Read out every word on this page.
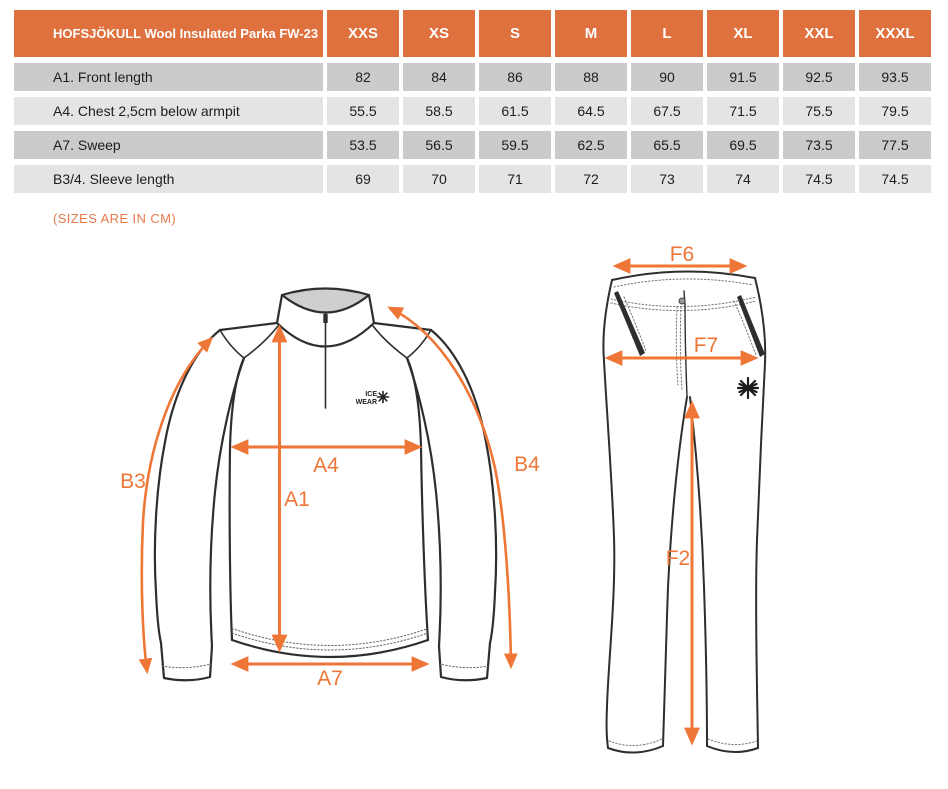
HOFSJÖKULL Wool Insulated Parka FW-23	XXS	XS	S	M	L	XL	XXL	XXXL
A1. Front length	82	84	86	88	90	91.5	92.5	93.5
A4. Chest 2,5cm below armpit	55.5	58.5	61.5	64.5	67.5	71.5	75.5	79.5
A7. Sweep	53.5	56.5	59.5	62.5	65.5	69.5	73.5	77.5
B3/4. Sleeve length	69	70	71	72	73	74	74.5	74.5
(SIZES ARE IN CM)
ICE
WEAR
B3
A4
A1
A7
B4
F6
F7
F2
